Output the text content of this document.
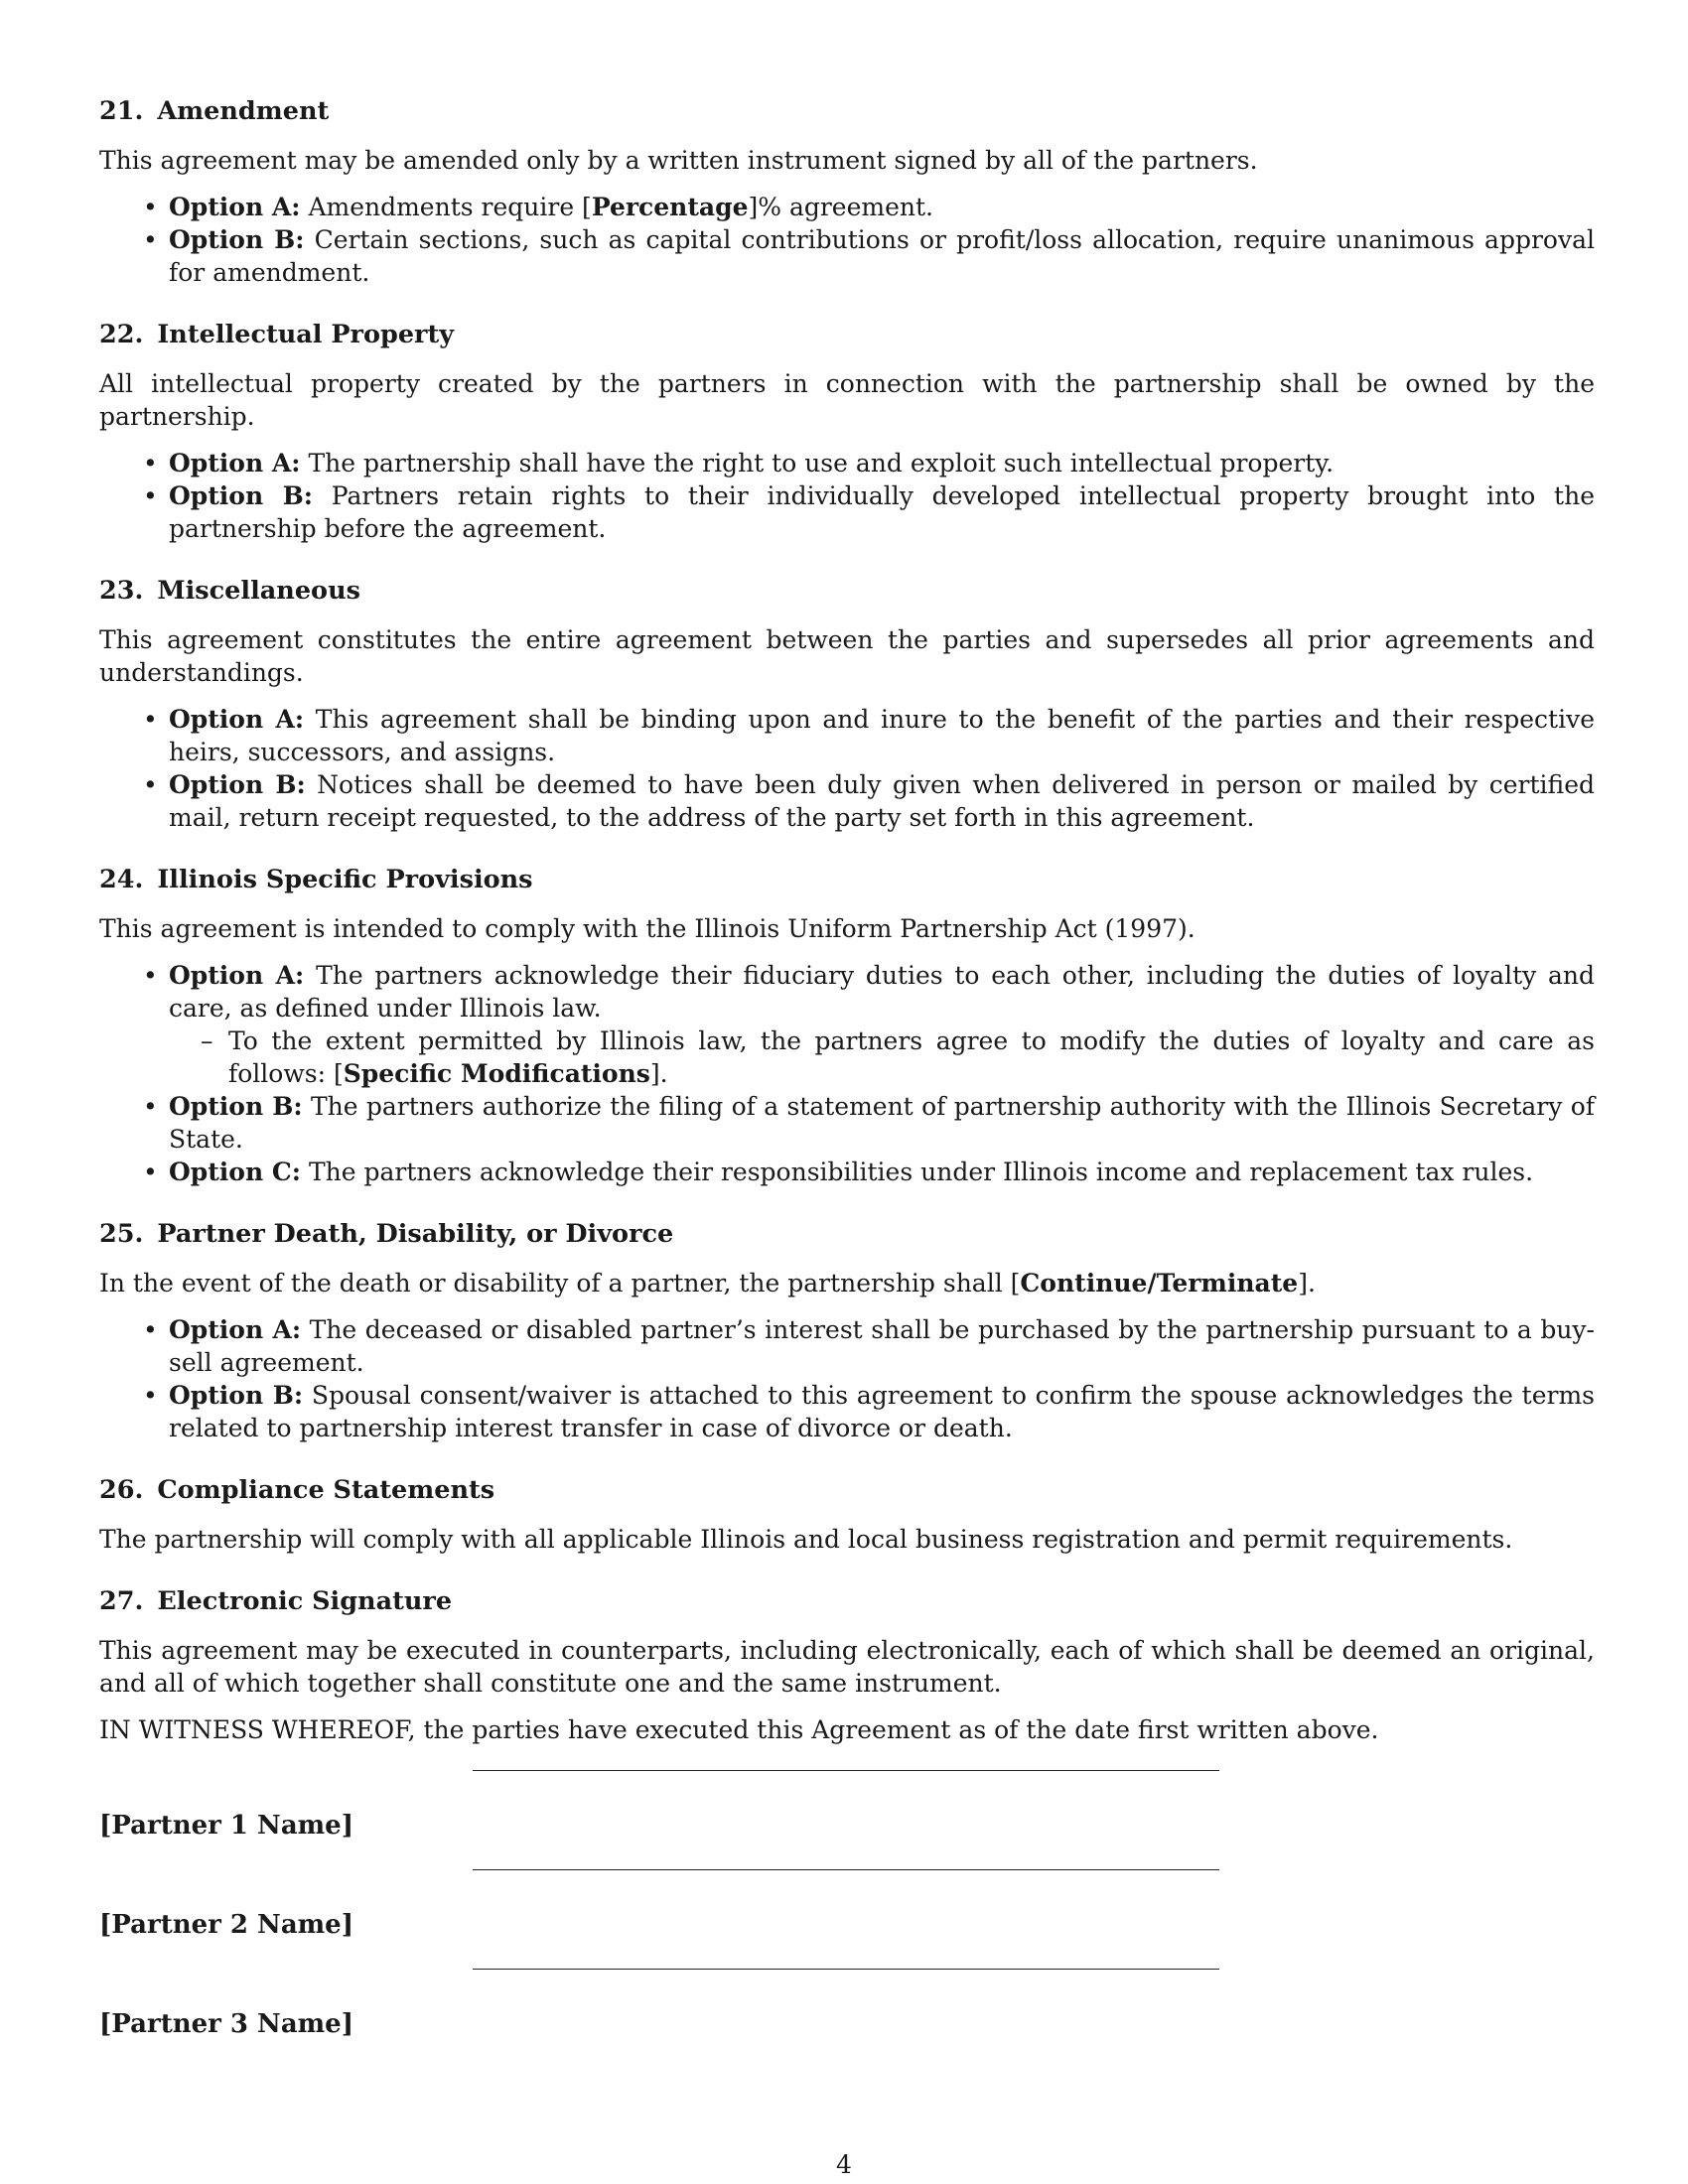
21. Amendment

This agreement may be amended only by a written instrument signed by all of the partners.

• Option A: Amendments require [Percentage]% agreement.
• Option B: Certain sections, such as capital contributions or profit/loss allocation, require unanimous approval for amendment.
22. Intellectual Property

All intellectual property created by the partners in connection with the partnership shall be owned by the partnership.

• Option A: The partnership shall have the right to use and exploit such intellectual property.
• Option B: Partners retain rights to their individually developed intellectual property brought into the partnership before the agreement.
23. Miscellaneous

This agreement constitutes the entire agreement between the parties and supersedes all prior agreements and understandings.

• Option A: This agreement shall be binding upon and inure to the benefit of the parties and their respective heirs, successors, and assigns.
• Option B: Notices shall be deemed to have been duly given when delivered in person or mailed by certified mail, return receipt requested, to the address of the party set forth in this agreement.
24. Illinois Specific Provisions

This agreement is intended to comply with the Illinois Uniform Partnership Act (1997).

• Option A: The partners acknowledge their fiduciary duties to each other, including the duties of loyalty and care, as defined under Illinois law.
– To the extent permitted by Illinois law, the partners agree to modify the duties of loyalty and care as follows: [Specific Modifications].
• Option B: The partners authorize the filing of a statement of partnership authority with the Illinois Secretary of State.
• Option C: The partners acknowledge their responsibilities under Illinois income and replacement tax rules.
25. Partner Death, Disability, or Divorce

In the event of the death or disability of a partner, the partnership shall [Continue/Terminate].

• Option A: The deceased or disabled partner’s interest shall be purchased by the partnership pursuant to a buy-sell agreement.
• Option B: Spousal consent/waiver is attached to this agreement to confirm the spouse acknowledges the terms related to partnership interest transfer in case of divorce or death.
26. Compliance Statements

The partnership will comply with all applicable Illinois and local business registration and permit requirements.

27. Electronic Signature

This agreement may be executed in counterparts, including electronically, each of which shall be deemed an original, and all of which together shall constitute one and the same instrument.

IN WITNESS WHEREOF, the parties have executed this Agreement as of the date first written above.

[Partner 1 Name]
[Partner 2 Name]
[Partner 3 Name]
4
